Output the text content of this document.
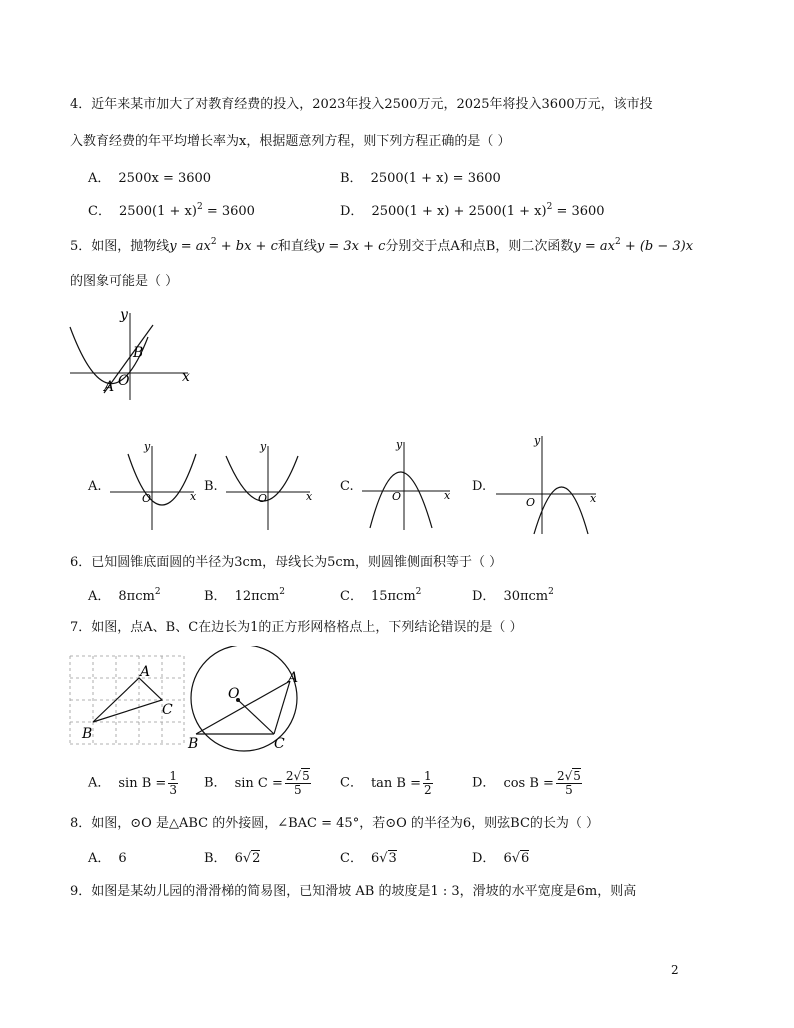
4．近年来某市加大了对教育经费的投入，2023年投入2500万元，2025年将投入3600万元，该市投
入教育经费的年平均增长率为x，根据题意列方程，则下列方程正确的是（ ）
A． 2500x = 3600	B． 2500(1 + x) = 3600
C． $2500(1 + x)^2 = 3600$	D． $2500(1 + x) + 2500(1 + x)^2 = 3600$
5．如图，抛物线$y = ax^2$ + bx + c和直线y = 3x + c分别交于点A和点B，则二次函数$y = ax^2 + (b - 3)x$
的图象可能是（ ）
y
x
O
A
B
A.
y
x
O
B.
y
x
O
C.
y
x
O
D.
y
x
O
6．已知圆锥底面圆的半径为3cm，母线长为5cm，则圆锥侧面积等于（ ）
A． 8πcm$^2$	B． 12πcm$^2$	C． 15πcm$^2$	D． 30πcm$^2$
7．如图，点A、B、C在边长为1的正方形网格格点上，下列结论错误的是（ ）
A
B
C
O
A
B	C
A． $\sin B = \frac{1}{3}$ B． $\sin C = \frac{2√5}{5}$ C． $\tan B = \frac{1}{2}$	D． $\cos B = \frac{2√5}{5}$
8．如图，⊙O 是△ABC 的外接圆，∠BAC = 45°，若⊙O 的半径为6，则弦BC的长为（ ）
A． 6	B． 6√2	C． 6√3	D． 6√6
9．如图是某幼儿园的滑滑梯的简易图，已知滑坡 AB 的坡度是1 : 3，滑坡的水平宽度是6m，则高
2
